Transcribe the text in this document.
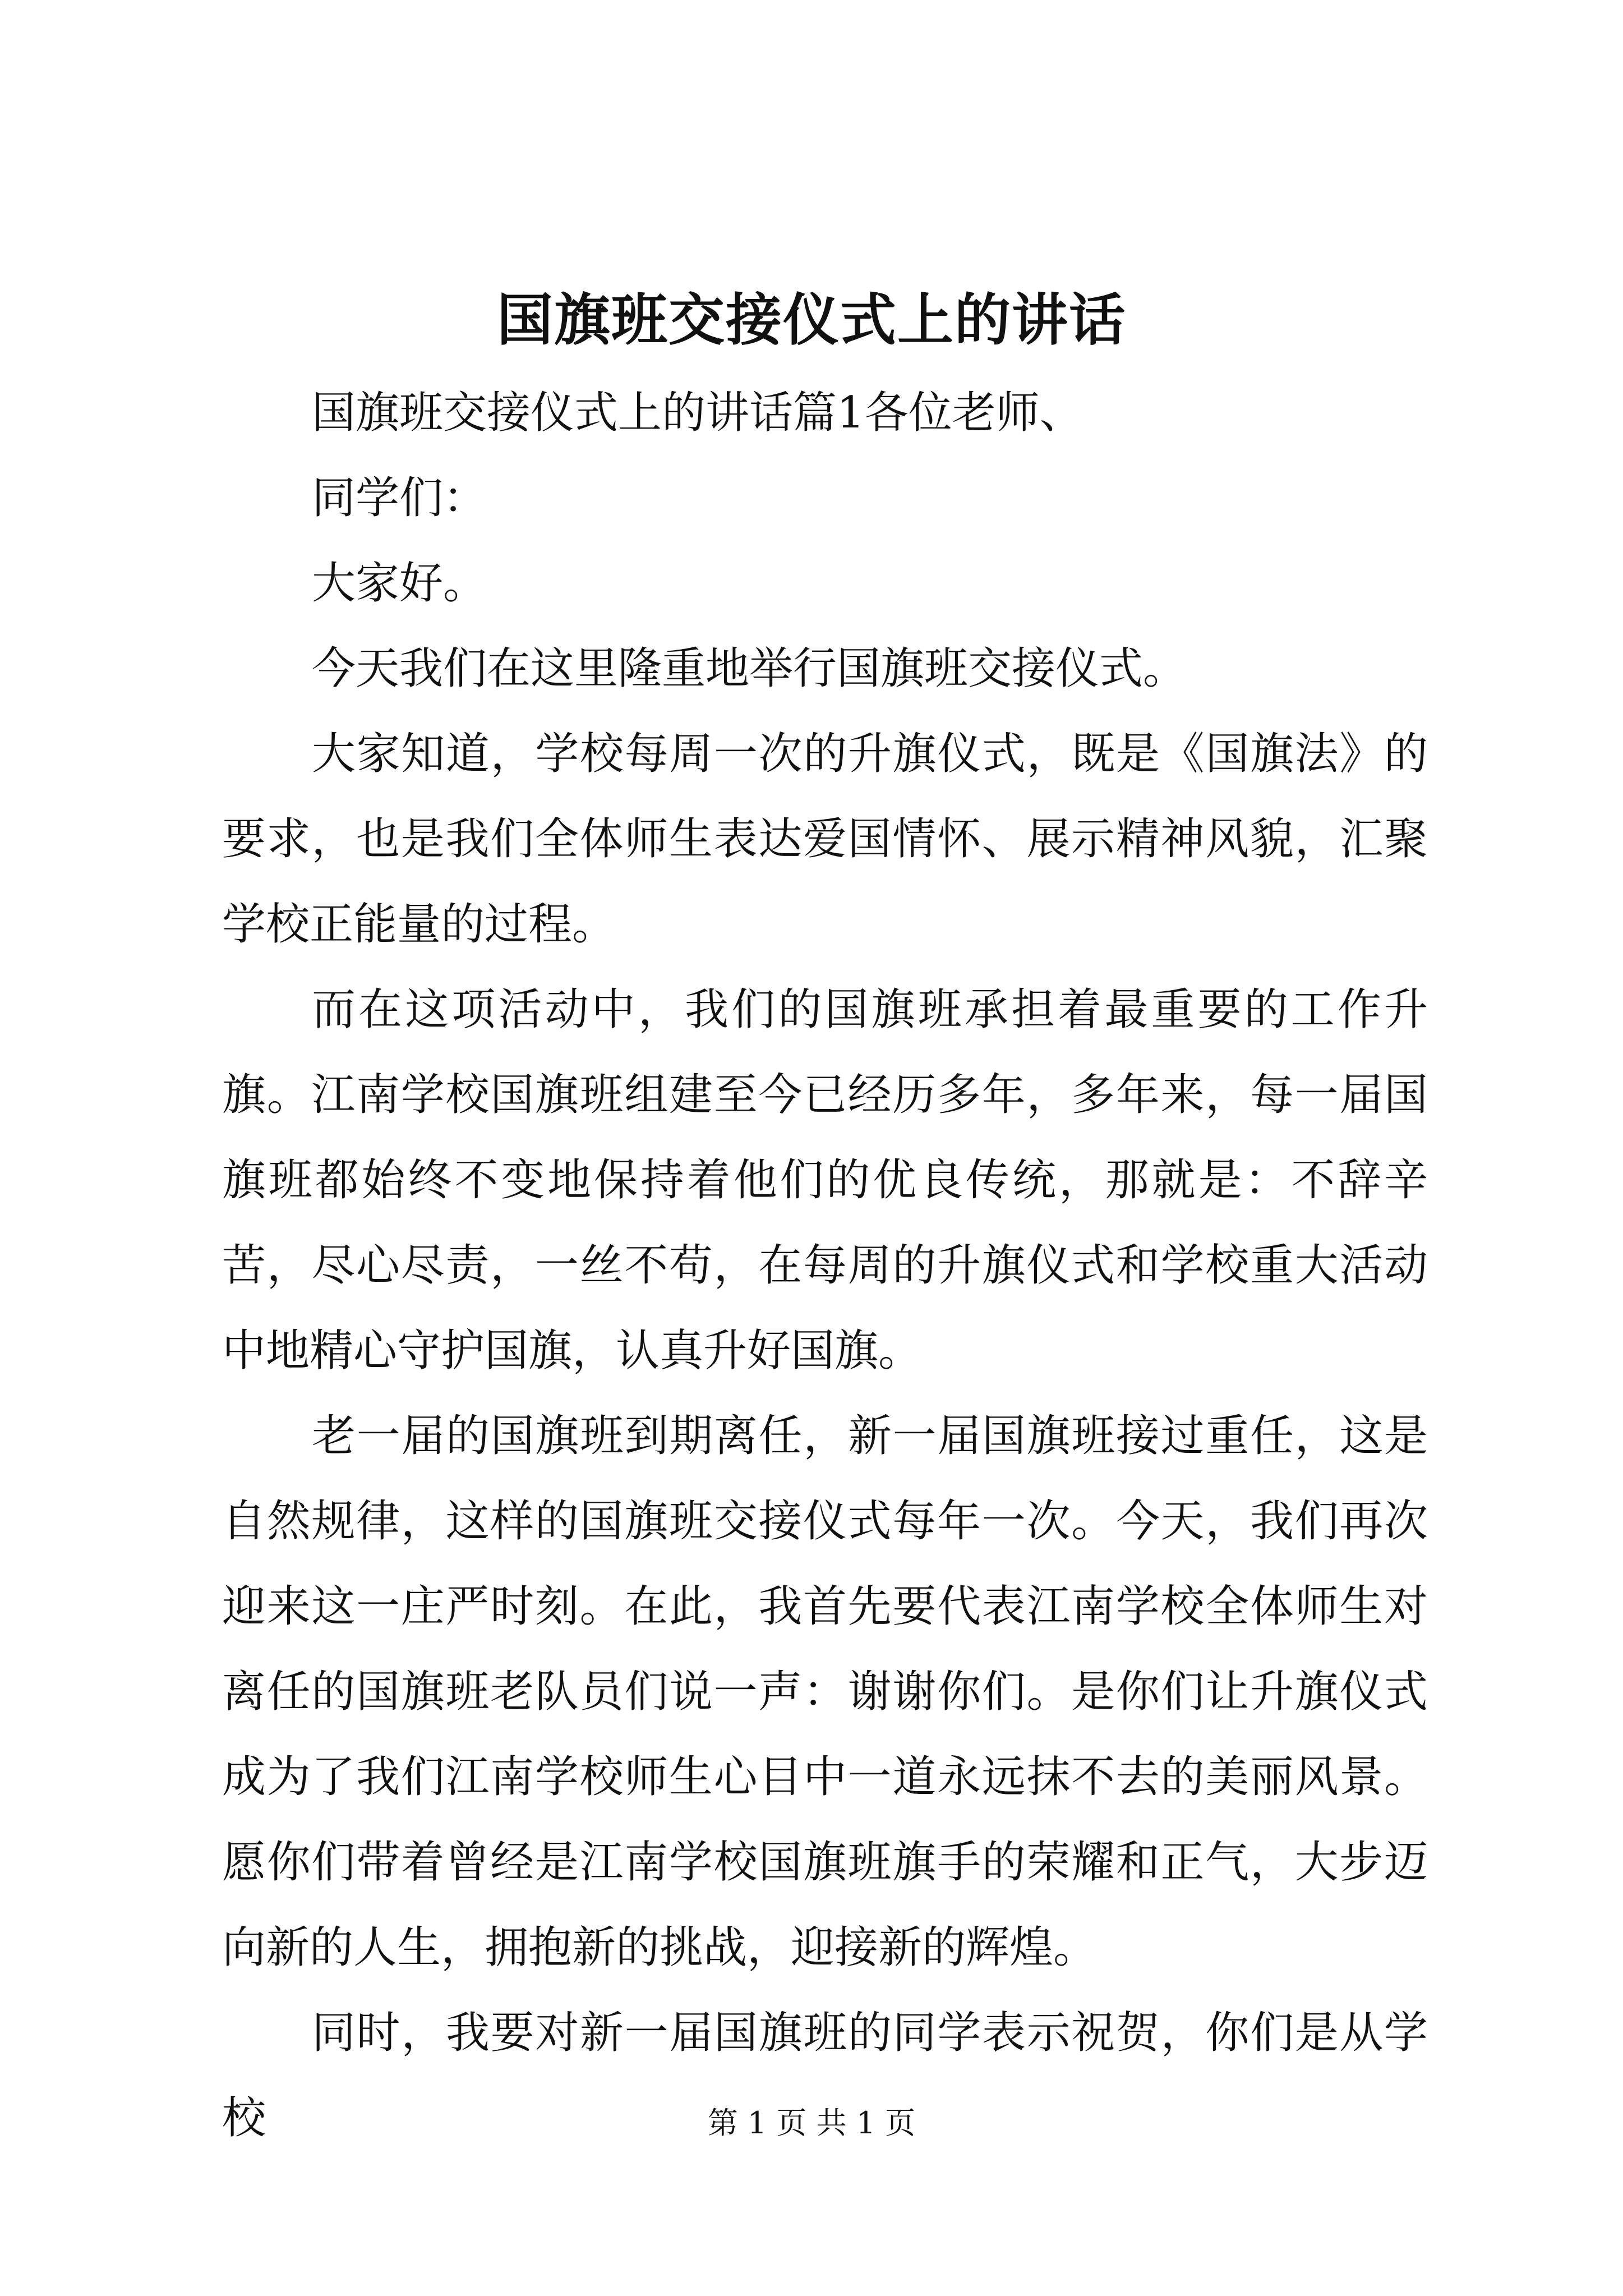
国旗班交接仪式上的讲话

国旗班交接仪式上的讲话篇1各位老师、

同学们：

大家好。

今天我们在这里隆重地举行国旗班交接仪式。

大家知道，学校每周一次的升旗仪式，既是《国旗法》的要求，也是我们全体师生表达爱国情怀、展示精神风貌，汇聚学校正能量的过程。

而在这项活动中，我们的国旗班承担着最重要的工作升旗。江南学校国旗班组建至今已经历多年，多年来，每一届国旗班都始终不变地保持着他们的优良传统，那就是：不辞辛苦，尽心尽责，一丝不苟，在每周的升旗仪式和学校重大活动中地精心守护国旗，认真升好国旗。

老一届的国旗班到期离任，新一届国旗班接过重任，这是自然规律，这样的国旗班交接仪式每年一次。今天，我们再次迎来这一庄严时刻。在此，我首先要代表江南学校全体师生对离任的国旗班老队员们说一声：谢谢你们。是你们让升旗仪式成为了我们江南学校师生心目中一道永远抹不去的美丽风景。愿你们带着曾经是江南学校国旗班旗手的荣耀和正气，大步迈向新的人生，拥抱新的挑战，迎接新的辉煌。

同时，我要对新一届国旗班的同学表示祝贺，你们是从学校	第 1 页 共 1 页
